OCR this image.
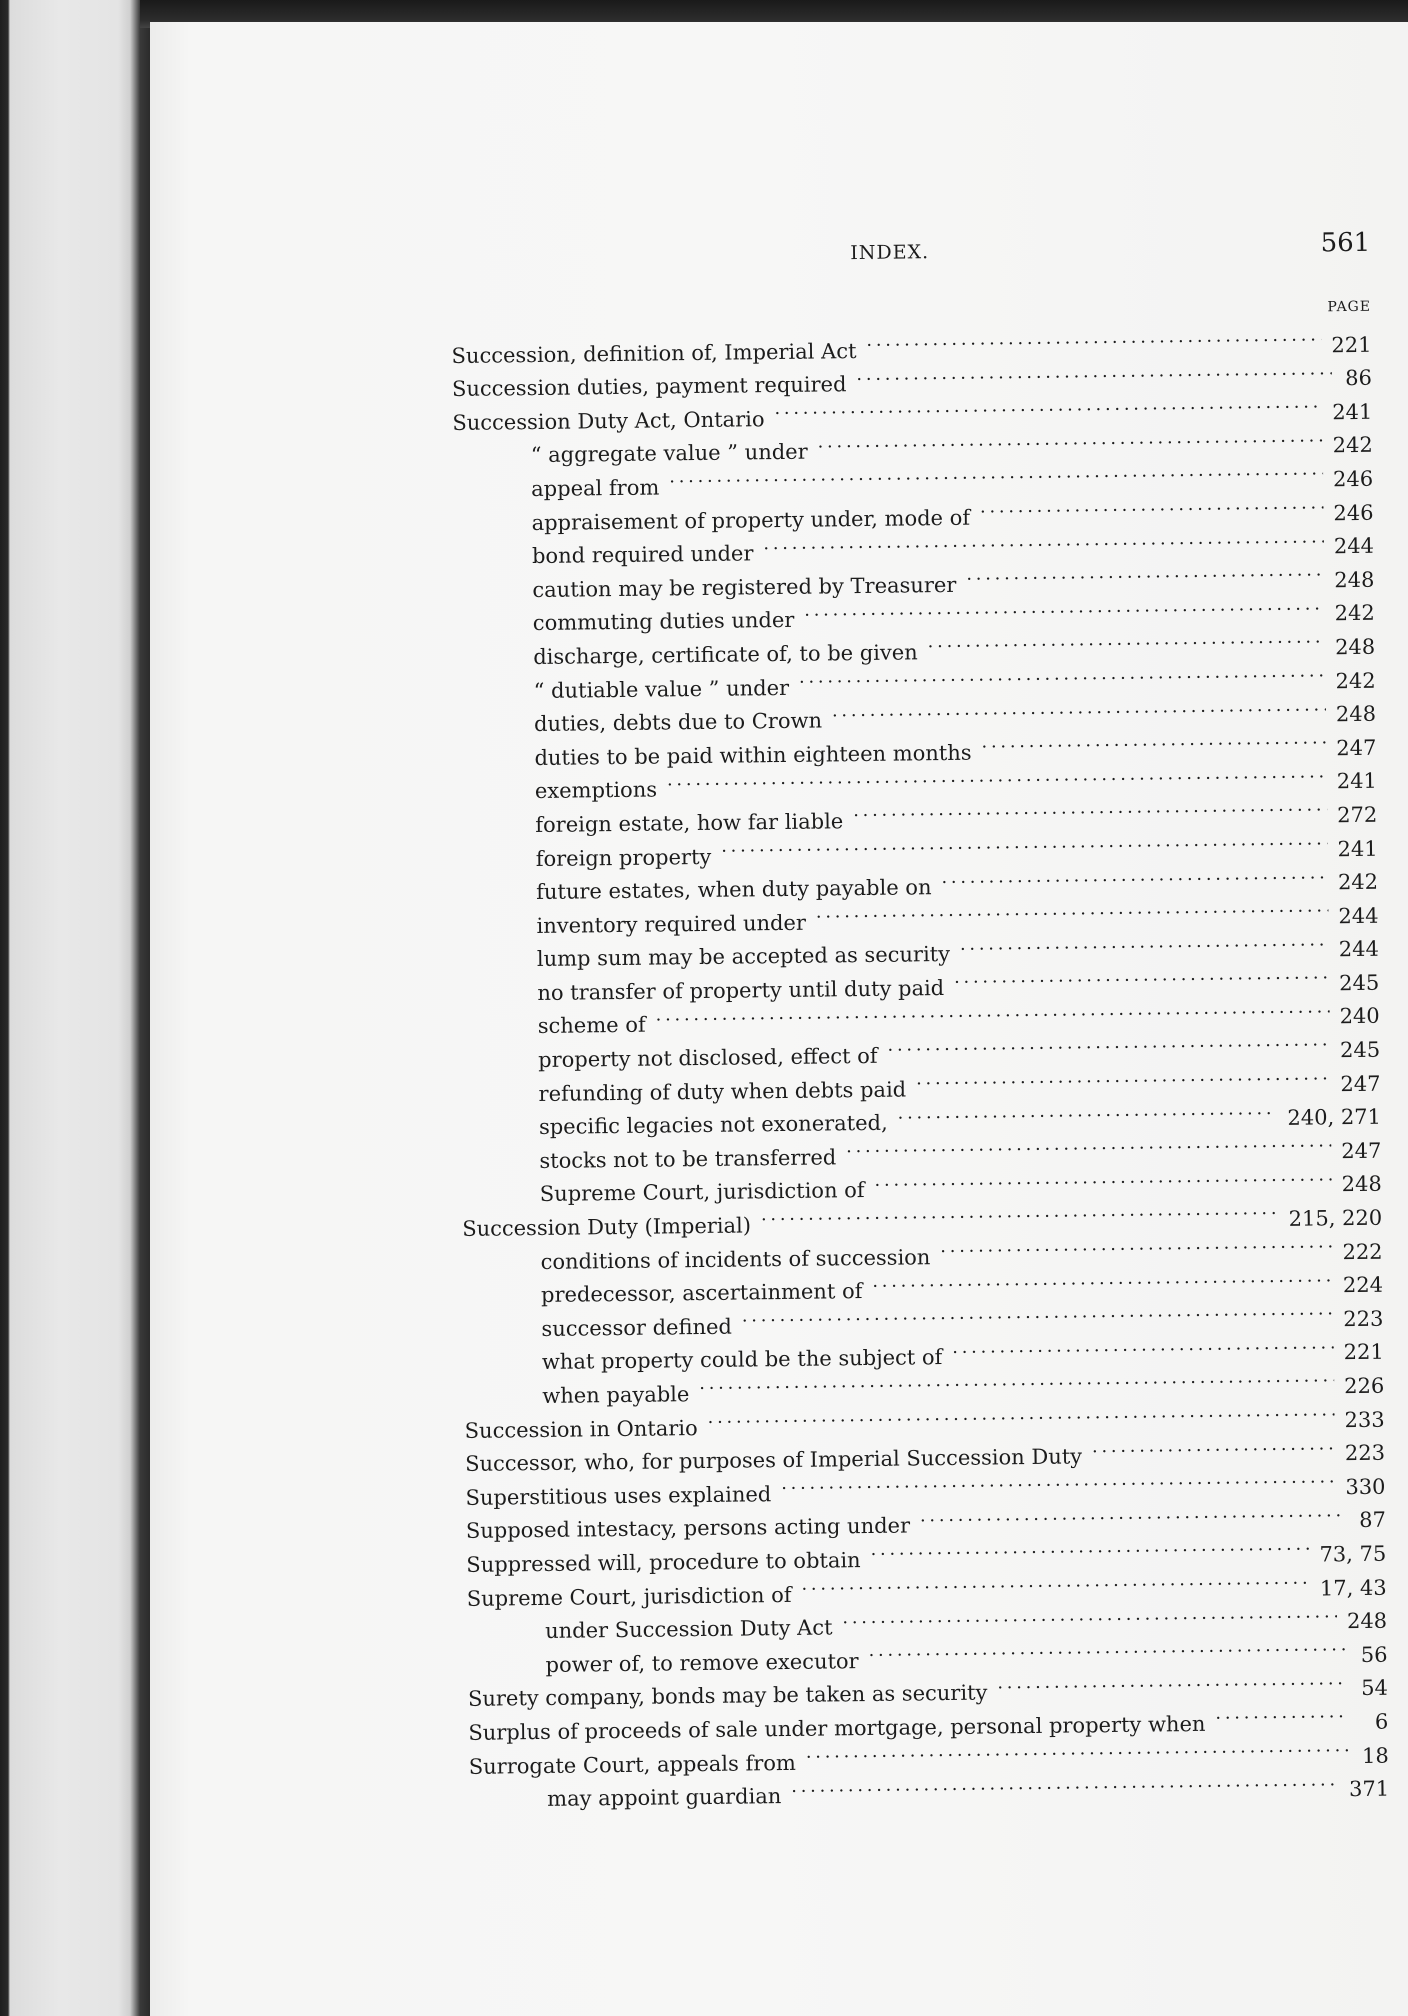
INDEX.	561
PAGE
Succession, definition of, Imperial Act . . .	221
Succession duties, payment required . . .	86
Succession Duty Act, Ontario . . .	241
“ aggregate value ” under . . .	242
appeal from . . .	246
appraisement of property under, mode of . . .	246
bond required under . . .	244
caution may be registered by Treasurer . . .	248
commuting duties under . . .	242
discharge, certificate of, to be given . . .	248
“ dutiable value ” under . . .	242
duties, debts due to Crown . . .	248
duties to be paid within eighteen months . . .	247
exemptions . . .	241
foreign estate, how far liable . . .	272
foreign property . . .	241
future estates, when duty payable on . . .	242
inventory required under . . .	244
lump sum may be accepted as security . . .	244
no transfer of property until duty paid . . .	245
scheme of . . .	240
property not disclosed, effect of . . .	245
refunding of duty when debts paid . . .	247
specific legacies not exonerated, . . .	240, 271
stocks not to be transferred . . .	247
Supreme Court, jurisdiction of . . .	248
Succession Duty (Imperial) . . .	215, 220
conditions of incidents of succession . . .	222
predecessor, ascertainment of . . .	224
successor defined . . .	223
what property could be the subject of . . .	221
when payable . . .	226
Succession in Ontario . . .	233
Successor, who, for purposes of Imperial Succession Duty . . .	223
Superstitious uses explained . . .	330
Supposed intestacy, persons acting under . . .	87
Suppressed will, procedure to obtain . . .	73, 75
Supreme Court, jurisdiction of . . .	17, 43
under Succession Duty Act . . .	248
power of, to remove executor . . .	56
Surety company, bonds may be taken as security . . .	54
Surplus of proceeds of sale under mortgage, personal property when . . .	6
Surrogate Court, appeals from . . .	18
may appoint guardian . . .	371
